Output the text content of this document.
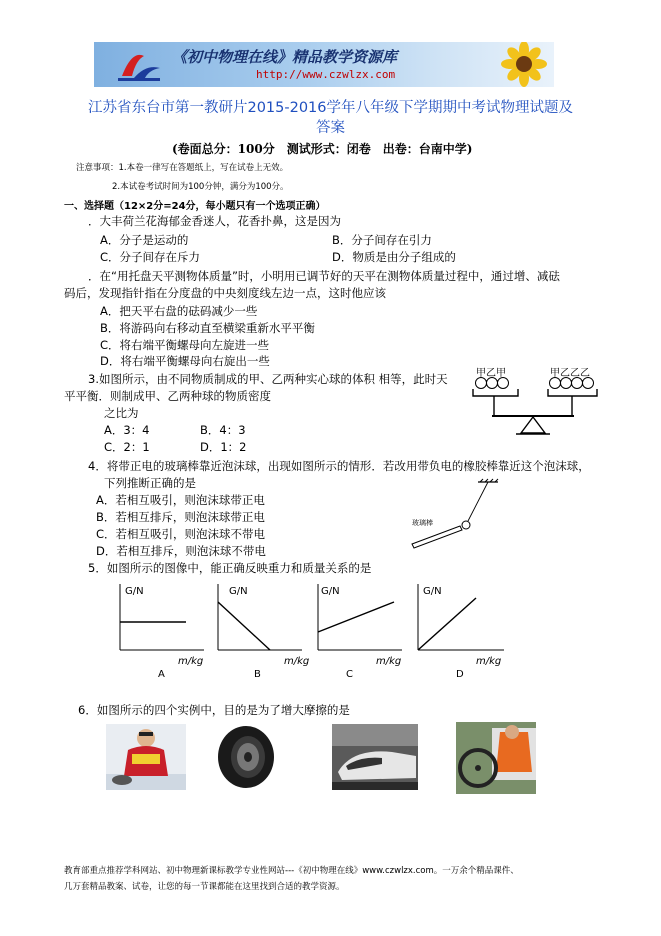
《初中物理在线》精品教学资源库
http://www.czwlzx.com
江苏省东台市第一教研片2015-2016学年八年级下学期期中考试物理试题及
答案
(卷面总分：100分　测试形式：闭卷　出卷：台南中学)
注意事项：1.本卷一律写在答题纸上，写在试卷上无效。
2.本试卷考试时间为100分钟，满分为100分。
一、选择题（12×2分=24分，每小题只有一个选项正确）
．大丰荷兰花海郁金香迷人，花香扑鼻，这是因为
A．分子是运动的	B．分子间存在引力
C．分子间存在斥力	D．物质是由分子组成的
．在“用托盘天平测物体质量”时，小明用已调节好的天平在测物体质量过程中，通过增、减砝
码后，发现指针指在分度盘的中央刻度线左边一点，这时他应该
A．把天平右盘的砝码减少一些
B．将游码向右移动直至横梁重新水平平衡
C．将右端平衡螺母向左旋进一些
D．将右端平衡螺母向右旋出一些
3.如图所示，由不同物质制成的甲、乙两种实心球的体积 相等，此时天
平平衡．则制成甲、乙两种球的物质密度
之比为
A．3：4	B．4：3
C．2：1	D．1：2
甲乙甲	甲乙乙乙
4．将带正电的玻璃棒靠近泡沫球，出现如图所示的情形．若改用带负电的橡胶棒靠近这个泡沫球，
下列推断正确的是
A．若相互吸引，则泡沫球带正电
B．若相互排斥，则泡沫球带正电
C．若相互吸引，则泡沫球不带电
D．若相互排斥，则泡沫球不带电
玻璃棒
5．如图所示的图像中，能正确反映重力和质量关系的是
G/N
m/kg
A
G/N
m/kg
B
G/N
m/kg
C
G/N
m/kg
D
6．如图所示的四个实例中，目的是为了增大摩擦的是
教育部重点推荐学科网站、初中物理新课标教学专业性网站---《初中物理在线》www.czwlzx.com。一万余个精品课件、
几万套精品教案、试卷，让您的每一节课都能在这里找到合适的教学资源。
